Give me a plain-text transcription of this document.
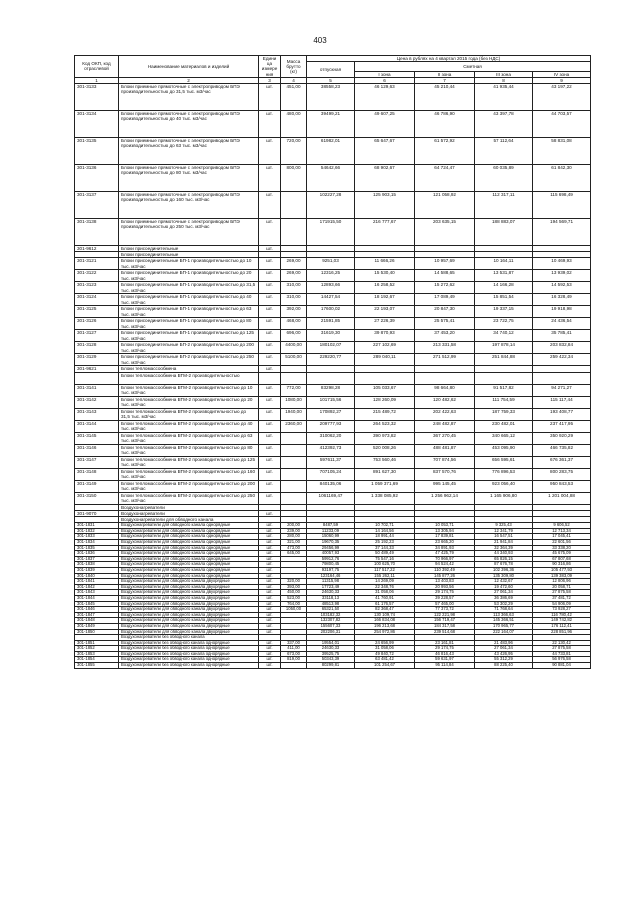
403
Код ОКП, код отраслевой	Наименование материалов и изделий	Едини ца измере ния	Масса брутто (кг)	Цена в рублях на 4 квартал 2015 года (без НДС)				
				отпускная	Сметная			
					I зона	II зона	III зона	IV зона
1	2	3	4	5	6	7	8	9
301-3133	Блоки приемные прямоточные с электроприводом БПЭ производительностью до 31,5 тыс. м3/час	шт.	451,00	38558,23	46 129,63	45 210,44	41 935,44	43 197,22
301-3134	Блоки приемные прямоточные с электроприводом БПЭ производительностью до 40 тыс. м3/час	шт.	480,00	39499,21	49 607,25	46 786,90	43 397,78	44 703,57
301-3135	Блоки приемные прямоточные с электроприводом БПЭ производительностью до 63 тыс. м3/час	шт.	720,00	61982,01	65 647,67	61 572,92	57 112,64	58 831,08
301-3136	Блоки приемные прямоточные с электроприводом БПЭ производительностью до 80 тыс. м3/час	шт.	800,00	54642,66	68 902,67	64 724,47	60 035,89	61 842,30
301-3137	Блоки приемные прямоточные с электроприводом БПЭ производительностью до 160 тыс. м3/час	шт.		102227,28	125 903,15	121 058,92	112 317,11	115 698,49
301-3138	Блоки приемные прямоточные с электроприводом БПЭ производительностью до 250 тыс. м3/час	шт.		171915,50	216 777,67	203 635,15	188 883,07	194 569,71
301-9612	Блоки присоединительные	шт.						
	Блоки присоединительные							
301-3121	Блоки присоединительные БП-1 производительностью до 10 тыс. м3/час	шт.	269,00	9251,03	11 666,26	10 957,69	10 164,11	10 469,93
301-3122	Блоки присоединительные БП-1 производительностью до 20 тыс. м3/час	шт.	269,00	12316,25	15 530,40	14 588,65	13 531,87	13 939,02
301-3123	Блоки присоединительные БП-1 производительностью до 31,5 тыс. м3/час	шт.	310,00	12893,66	16 258,52	15 272,62	14 166,28	14 592,53
301-3124	Блоки присоединительные БП-1 производительностью до 40 тыс. м3/час	шт.	310,00	14427,54	18 192,67	17 089,49	15 851,54	16 328,49
301-3125	Блоки присоединительные БП-1 производительностью до 63 тыс. м3/час	шт.	392,00	17600,02	22 193,07	20 847,30	19 337,15	19 918,98
301-3126	Блоки присоединительные БП-1 производительностью до 80 тыс. м3/час	шт.	468,00	21591,85	27 226,39	25 575,41	23 722,75	24 436,54
301-3127	Блоки присоединительные БП-1 производительностью до 125 тыс. м3/час	шт.	696,00	31619,30	39 870,93	37 453,20	34 740,12	35 785,41
301-3128	Блоки присоединительные БП-2 производительностью до 200 тыс. м3/час	шт.	4400,00	180102,07	227 102,69	213 331,58	197 878,14	203 832,84
301-3129	Блоки присоединительные БП-2 производительностью до 250 тыс. м3/час	шт.	5100,00	229220,77	289 040,11	271 512,99	251 844,88	259 422,34
301-9621	Блоки тепломассообмена	шт.						
	Блоки тепломассообмена БТМ-2 производительностью							
301-3141	Блоки тепломассообмена БТМ-2 производительностью до 10 тыс. м3/час	шт.	772,00	83298,28	105 033,67	98 664,80	91 517,82	94 271,27
301-3142	Блоки тепломассообмена БТМ-2 производительностью до 20 тыс. м3/час	шт.	1080,00	101715,56	128 260,09	120 482,62	111 754,59	115 117,44
301-3143	Блоки тепломассообмена БТМ-2 производительностью до 31,5 тыс. м3/час	шт.	1940,00	170892,27	215 489,72	202 422,63	187 759,33	193 408,77
301-3144	Блоки тепломассообмена БТМ-2 производительностью до 40 тыс. м3/час	шт.	2360,00	209777,93	264 523,32	248 482,87	230 482,01	237 417,95
301-3145	Блоки тепломассообмена БТМ-2 производительностью до 63 тыс. м3/час	шт.		310062,20	390 973,82	367 270,45	340 665,12	350 920,29
301-3146	Блоки тепломассообмена БТМ-2 производительностью до 80 тыс. м3/час	шт.		412392,73	520 008,26	488 481,87	453 095,90	466 735,82
301-3147	Блоки тепломассообмена БТМ-2 производительностью до 125 тыс. м3/час	шт.		597611,37	753 560,46	707 874,56	656 595,61	676 361,37
301-3148	Блоки тепломассообмена БТМ-2 производительностью до 160 тыс. м3/час	шт.		707105,24	891 627,30	837 570,76	776 896,53	800 283,75
301-3149	Блоки тепломассообмена БТМ-2 производительностью до 200 тыс. м3/час	шт.		840135,06	1 059 371,69	995 145,45	923 056,40	950 843,53
301-3150	Блоки тепломассообмена БТМ-2 производительностью до 250 тыс. м3/час	шт.		1061169,47	1 338 085,92	1 256 962,14	1 165 906,80	1 201 004,88
	Воздухонагреватели							
301-9070	Воздухонагреватели	шт.						
	Воздухонагреватели для обводного канала							
301-1831	Воздухонагреватели для обводного канала однорядные	шт.	200,00	8487,59	10 702,71	10 053,71	9 325,43	9 606,52
301-1832	Воздухонагреватели для обводного канала однорядные	шт.	239,00	11233,09	14 164,56	13 305,94	12 341,79	12 713,34
301-1833	Воздухонагреватели для обводного канала однорядные	шт.	280,00	15060,99	18 991,44	17 839,81	16 547,51	17 045,41
301-1834	Воздухонагреватели для обводного канала однорядные	шт.	321,00	19670,35	25 192,23	23 665,20	21 941,84	22 601,56
301-1835	Воздухонагреватели для обводного канала однорядные	шт.	473,00	29456,99	37 144,33	34 891,93	32 364,39	33 338,20
301-1836	Воздухонагреватели для обводного канала однорядные	шт.	645,00	40057,93	50 489,49	47 425,79	44 340,93	45 675,09
301-1837	Воздухонагреватели для обводного канала однорядные	шт.		59912,76	75 547,16	70 966,97	65 826,15	67 807,68
301-1838	Воздухонагреватели для обводного канала однорядные	шт.		79800,45	100 625,70	94 524,42	87 676,78	90 316,86
301-1839	Воздухонагреватели для обводного канала однорядные	шт.		93197,75	117 517,22	110 392,49	102 396,36	105 477,93
301-1840	Воздухонагреватели для обводного канала однорядные	шт.		123164,46	155 262,11	145 877,26	135 309,80	139 383,09
301-1841	Воздухонагреватели для обводного канала двухрядные	шт.	320,00	11315,98	14 269,09	13 403,83	12 432,67	12 806,96
301-1842	Воздухонагреватели для обводного канала двухрядные	шт.	393,00	17723,49	22 348,76	20 993,56	19 472,60	20 058,71
301-1843	Воздухонагреватели для обводного канала двухрядные	шт.	450,00	24630,33	31 058,06	29 174,75	27 061,34	27 875,58
301-1844	Воздухонагреватели для обводного канала двухрядные	шт.	523,00	33118,13	41 760,91	39 228,57	36 386,69	37 481,72
301-1845	Воздухонагреватели для обводного канала двухрядные	шт.	764,00	48513,98	61 176,57	57 465,00	53 302,29	54 906,09
301-1846	Воздухонагреватели для обводного канала двухрядные	шт.	1050,00	65321,50	82 368,47	77 373,72	71 768,64	73 928,27
301-1847	Воздухонагреватели для обводного канала двухрядные	шт.		103182,32	130 109,74	122 221,98	113 366,63	116 780,42
301-1848	Воздухонагреватели для обводного канала двухрядные	шт.		132307,82	166 834,08	156 719,47	145 366,51	149 742,82
301-1849	Воздухонагреватели для обводного канала двухрядные	шт.		155607,33	196 213,68	184 317,58	170 965,77	176 112,41
301-1850	Воздухонагреватели для обводного канала двухрядные	шт.		202206,31	254 972,86	239 514,68	222 164,07	228 851,96
	Воздухонагреватели без обводного канала							
301-1851	Воздухонагреватели без обводного канала однорядные	шт.	337,00	19554,01	24 656,99	23 161,81	21 483,96	22 130,42
301-1852	Воздухонагреватели без обводного канала однорядные	шт.	411,00	24630,33	31 058,06	29 174,75	27 061,34	27 875,58
301-1853	Воздухонагреватели без обводного канала однорядные	шт.	673,00	39525,75	49 840,72	46 816,43	43 426,95	44 733,81
301-1854	Воздухонагреватели без обводного канала однорядные	шт.	819,00	50343,39	63 481,42	59 631,97	55 312,29	56 976,58
301-1855	Воздухонагреватели без обводного канала однорядные	шт.		80299,81	101 254,67	95 114,84	88 225,40	90 881,04
